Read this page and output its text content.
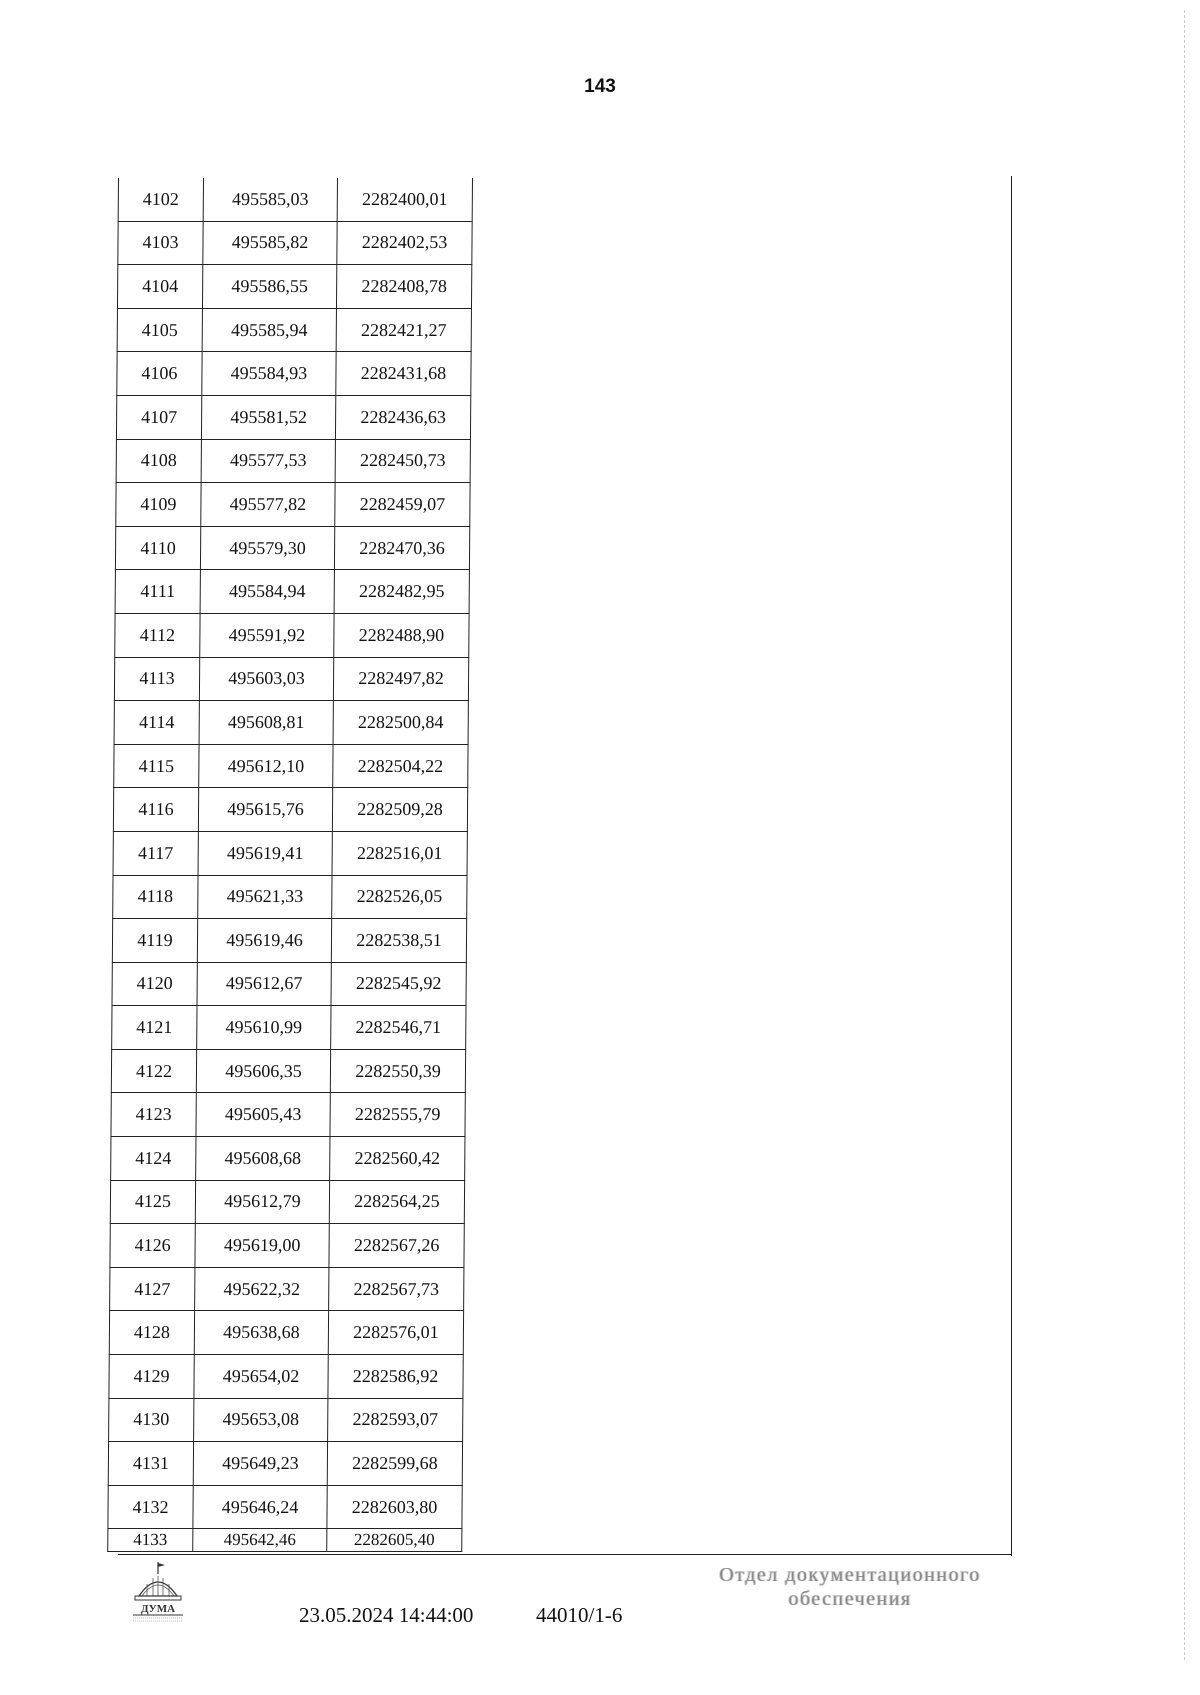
143
4102	495585,03	2282400,01
4103	495585,82	2282402,53
4104	495586,55	2282408,78
4105	495585,94	2282421,27
4106	495584,93	2282431,68
4107	495581,52	2282436,63
4108	495577,53	2282450,73
4109	495577,82	2282459,07
4110	495579,30	2282470,36
4111	495584,94	2282482,95
4112	495591,92	2282488,90
4113	495603,03	2282497,82
4114	495608,81	2282500,84
4115	495612,10	2282504,22
4116	495615,76	2282509,28
4117	495619,41	2282516,01
4118	495621,33	2282526,05
4119	495619,46	2282538,51
4120	495612,67	2282545,92
4121	495610,99	2282546,71
4122	495606,35	2282550,39
4123	495605,43	2282555,79
4124	495608,68	2282560,42
4125	495612,79	2282564,25
4126	495619,00	2282567,26
4127	495622,32	2282567,73
4128	495638,68	2282576,01
4129	495654,02	2282586,92
4130	495653,08	2282593,07
4131	495649,23	2282599,68
4132	495646,24	2282603,80
4133	495642,46	2282605,40
ДУМА	23.05.2024 14:44:00	44010/1-6
Отдел документационного
обеспечения
